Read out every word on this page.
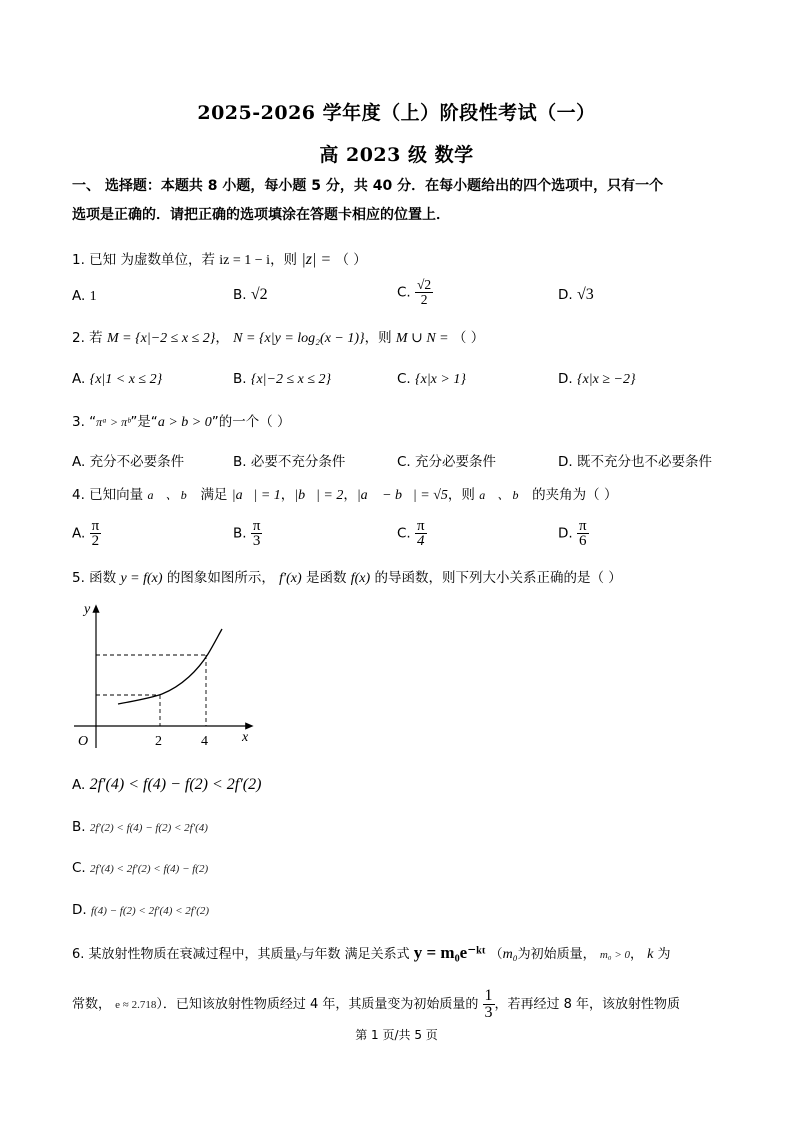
2025-2026 学年度（上）阶段性考试（一）
高 2023 级 数学
一、 选择题：本题共 8 小题，每小题 5 分，共 40 分．在每小题给出的四个选项中，只有一个
选项是正确的．请把正确的选项填涂在答题卡相应的位置上．
1. 已知 为虚数单位，若 iz = 1 − i，则 |z| = （ ）
A. 1	B. √2	C. $\frac{√2}{2}$	D. √3
2. 若 M = {x|−2 ≤ x ≤ 2}， N = {x|y = log₂(x − 1)}，则 M ∪ N = （ ）
A. {x|1 < x ≤ 2}	B. {x|−2 ≤ x ≤ 2}	C. {x|x > 1}	D. {x|x ≥ −2}
3. “πᵃ > πᵇ”是“a > b > 0”的一个（ ）
A. 充分不必要条件	B. 必要不充分条件	C. 充分必要条件	D. 既不充分也不必要条件
4. 已知向量 a⃗ 、 b⃗ 满足 |a⃗| = 1，|b⃗| = 2，|a⃗ − b⃗| = √5，则 a⃗ 、 b⃗ 的夹角为（ ）
A. $\frac{\pi}{2}$	B. $\frac{\pi}{3}$	C. $\frac{\pi}{4}$	D. $\frac{\pi}{6}$
5. 函数 y = f(x) 的图象如图所示， f′(x) 是函数 f(x) 的导函数，则下列大小关系正确的是（ ）
y
x
O	2	4
A. 2f′(4) < f(4) − f(2) < 2f′(2)
B. 2f′(2) < f(4) − f(2) < 2f′(4)
C. 2f′(4) < 2f′(2) < f(4) − f(2)
D. f(4) − f(2) < 2f′(4) < 2f′(2)
6. 某放射性物质在衰减过程中，其质量y与年数 满足关系式 y = m₀e⁻ᵏᵗ （m₀为初始质量， m₀ > 0， k 为
常数， e ≈ 2.718）．已知该放射性物质经过 4 年，其质量变为初始质量的 $\frac{1}{3}$ ，若再经过 8 年，该放射性物质
第 1 页/共 5 页
